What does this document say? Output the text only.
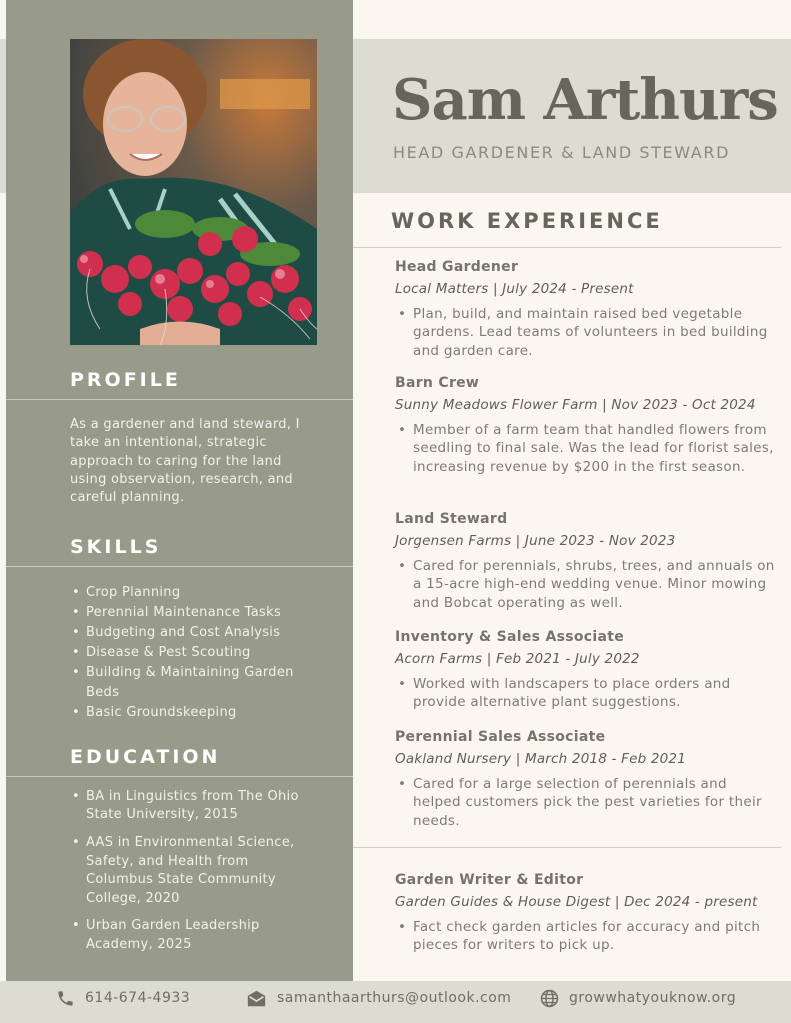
PROFILE

As a gardener and land steward, I take an intentional, strategic approach to caring for the land using observation, research, and careful planning.

SKILLS
• Crop Planning
• Perennial Maintenance Tasks
• Budgeting and Cost Analysis
• Disease & Pest Scouting
• Building & Maintaining Garden Beds
• Basic Groundskeeping
EDUCATION
• BA in Linguistics from The Ohio State University, 2015
• AAS in Environmental Science, Safety, and Health from Columbus State Community College, 2020
• Urban Garden Leadership Academy, 2025
Sam Arthurs
HEAD GARDENER & LAND STEWARD
WORK EXPERIENCE
Head Gardener
Local Matters | July 2024 - Present
• Plan, build, and maintain raised bed vegetable gardens. Lead teams of volunteers in bed building and garden care.
Barn Crew
Sunny Meadows Flower Farm | Nov 2023 - Oct 2024
• Member of a farm team that handled flowers from seedling to final sale. Was the lead for florist sales, increasing revenue by $200 in the first season.
Land Steward
Jorgensen Farms | June 2023 - Nov 2023
• Cared for perennials, shrubs, trees, and annuals on a 15-acre high-end wedding venue. Minor mowing and Bobcat operating as well.
Inventory & Sales Associate
Acorn Farms | Feb 2021 - July 2022
• Worked with landscapers to place orders and provide alternative plant suggestions.
Perennial Sales Associate
Oakland Nursery | March 2018 - Feb 2021
• Cared for a large selection of perennials and helped customers pick the pest varieties for their needs.
Garden Writer & Editor
Garden Guides & House Digest | Dec 2024 - present
• Fact check garden articles for accuracy and pitch pieces for writers to pick up.
614-674-4933	samanthaarthurs@outlook.com	growwhatyouknow.org
